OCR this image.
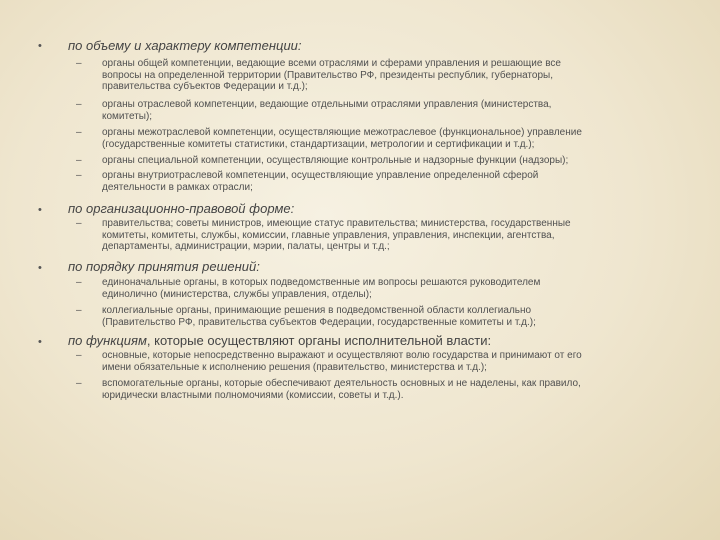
• по объему и характеру компетенции:
– органы общей компетенции, ведающие всеми отраслями и сферами управления и решающие все
вопросы на определенной территории (Правительство РФ, президенты республик, губернаторы,
правительства субъектов Федерации и т.д.);
– органы отраслевой компетенции, ведающие отдельными отраслями управления (министерства,
комитеты);
– органы межотраслевой компетенции, осуществляющие межотраслевое (функциональное) управление
(государственные комитеты статистики, стандартизации, метрологии и сертификации и т.д.);
– органы специальной компетенции, осуществляющие контрольные и надзорные функции (надзоры);
– органы внутриотраслевой компетенции, осуществляющие управление определенной сферой
деятельности в рамках отрасли;
• по организационно-правовой форме:
– правительства; советы министров, имеющие статус правительства; министерства, государственные
комитеты, комитеты, службы, комиссии, главные управления, управления, инспекции, агентства,
департаменты, администрации, мэрии, палаты, центры и т.д.;
• по порядку принятия решений:
– единоначальные органы, в которых подведомственные им вопросы решаются руководителем
единолично (министерства, службы управления, отделы);
– коллегиальные органы, принимающие решения в подведомственной области коллегиально
(Правительство РФ, правительства субъектов Федерации, государственные комитеты и т.д.);
• по функциям, которые осуществляют органы исполнительной власти:
– основные, которые непосредственно выражают и осуществляют волю государства и принимают от его
имени обязательные к исполнению решения (правительство, министерства и т.д.);
– вспомогательные органы, которые обеспечивают деятельность основных и не наделены, как правило,
юридически властными полномочиями (комиссии, советы и т.д.).
